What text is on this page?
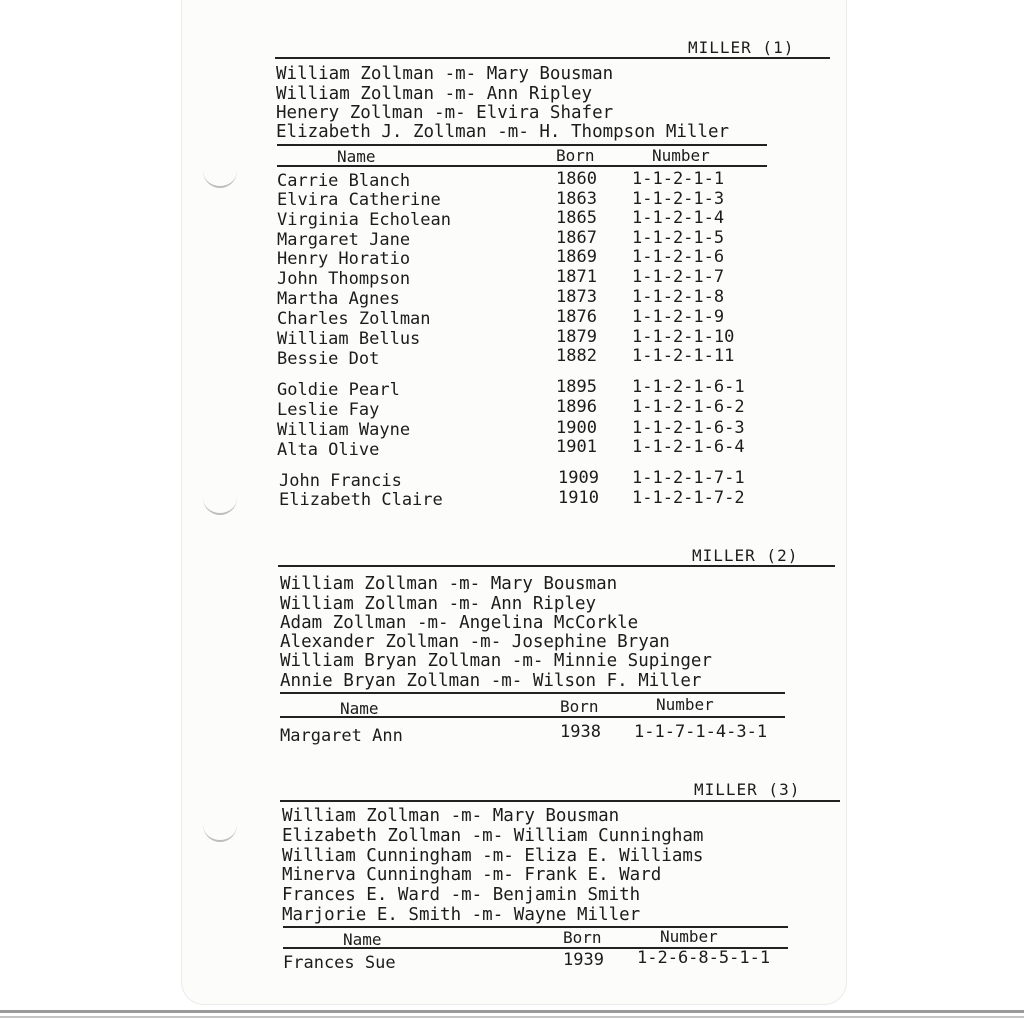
MILLER (1)
William Zollman -m- Mary Bousman
William Zollman -m- Ann Ripley
Henery Zollman -m- Elvira Shafer
Elizabeth J. Zollman -m- H. Thompson Miller
Name	Born	Number
Carrie Blanch	1860 1-1-2-1-1
Elvira Catherine	1863 1-1-2-1-3
Virginia Echolean	1865 1-1-2-1-4
Margaret Jane	1867 1-1-2-1-5
Henry Horatio	1869 1-1-2-1-6
John Thompson	1871 1-1-2-1-7
Martha Agnes	1873 1-1-2-1-8
Charles Zollman	1876 1-1-2-1-9
William Bellus	1879 1-1-2-1-10
Bessie Dot	1882 1-1-2-1-11
Goldie Pearl	1895 1-1-2-1-6-1
Leslie Fay	1896 1-1-2-1-6-2
William Wayne	1900 1-1-2-1-6-3
Alta Olive	1901 1-1-2-1-6-4
John Francis	1909 1-1-2-1-7-1
Elizabeth Claire	1910 1-1-2-1-7-2
MILLER (2)
William Zollman -m- Mary Bousman
William Zollman -m- Ann Ripley
Adam Zollman -m- Angelina McCorkle
Alexander Zollman -m- Josephine Bryan
William Bryan Zollman -m- Minnie Supinger
Annie Bryan Zollman -m- Wilson F. Miller
Name	Born	Number
Margaret Ann	1938 1-1-7-1-4-3-1
MILLER (3)
William Zollman -m- Mary Bousman
Elizabeth Zollman -m- William Cunningham
William Cunningham -m- Eliza E. Williams
Minerva Cunningham -m- Frank E. Ward
Frances E. Ward -m- Benjamin Smith
Marjorie E. Smith -m- Wayne Miller
Name	Born	Number
Frances Sue	1939 1-2-6-8-5-1-1
